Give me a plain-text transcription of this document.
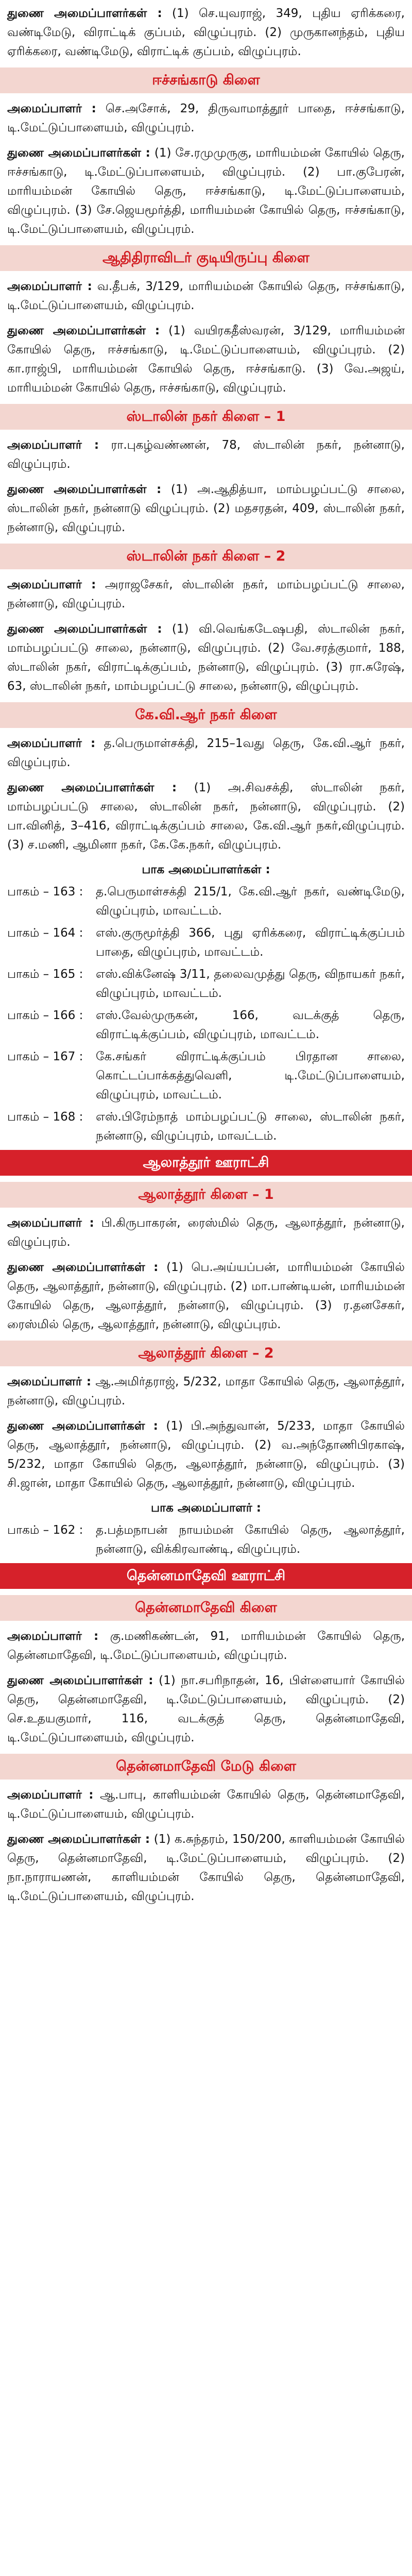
துணை அமைப்பாளர்கள் : (1) செ.யுவராஜ், 349, புதிய ஏரிக்கரை, வண்டிமேடு, விராட்டிக் குப்பம், விழுப்புரம். (2) முருகானந்தம், புதிய ஏரிக்கரை, வண்டிமேடு, விராட்டிக் குப்பம், விழுப்புரம்.

ஈச்சங்காடு கிளை

அமைப்பாளர் : செ.அசோக், 29, திருவாமாத்தூர் பாதை, ஈச்சங்காடு, டி.மேட்டுப்பாளையம், விழுப்புரம்.

துணை அமைப்பாளர்கள் : (1) சே.ரமுமுருகு, மாரியம்மன் கோயில் தெரு, ஈச்சங்காடு, டி.மேட்டுப்பாளையம், விழுப்புரம். (2) பா.குபேரன், மாரியம்மன் கோயில் தெரு, ஈச்சங்காடு, டி.மேட்டுப்பாளையம், விழுப்புரம். (3) சே.ஜெயமூர்த்தி, மாரியம்மன் கோயில் தெரு, ஈச்சங்காடு, டி.மேட்டுப்பாளையம், விழுப்புரம்.

ஆதிதிராவிடர் குடியிருப்பு கிளை

அமைப்பாளர் : வ.தீபக், 3/129, மாரியம்மன் கோயில் தெரு, ஈச்சங்காடு, டி.மேட்டுப்பாளையம், விழுப்புரம்.

துணை அமைப்பாளர்கள் : (1) வயிரகதீஸ்வரன், 3/129, மாரியம்மன் கோயில் தெரு, ஈச்சங்காடு, டி.மேட்டுப்பாளையம், விழுப்புரம். (2) கா.ராஜ்பி, மாரியம்மன் கோயில் தெரு, ஈச்சங்காடு. (3) வே.அஜய், மாரியம்மன் கோயில் தெரு, ஈச்சங்காடு, விழுப்புரம்.

ஸ்டாலின் நகர் கிளை – 1

அமைப்பாளர் : ரா.புகழ்வண்ணன், 78, ஸ்டாலின் நகர், நன்னாடு, விழுப்புரம்.

துணை அமைப்பாளர்கள் : (1) அ.ஆதித்யா, மாம்பழப்பட்டு சாலை, ஸ்டாலின் நகர், நன்னாடு விழுப்புரம். (2) மதசரதன், 409, ஸ்டாலின் நகர், நன்னாடு, விழுப்புரம்.

ஸ்டாலின் நகர் கிளை – 2

அமைப்பாளர் : அராஜசேகர், ஸ்டாலின் நகர், மாம்பழப்பட்டு சாலை, நன்னாடு, விழுப்புரம்.

துணை அமைப்பாளர்கள் : (1) வி.வெங்கடேஷபதி, ஸ்டாலின் நகர், மாம்பழப்பட்டு சாலை, நன்னாடு, விழுப்புரம். (2) வே.சரத்குமார், 188, ஸ்டாலின் நகர், விராட்டிக்குப்பம், நன்னாடு, விழுப்புரம். (3) ரா.சுரேஷ், 63, ஸ்டாலின் நகர், மாம்பழப்பட்டு சாலை, நன்னாடு, விழுப்புரம்.

கே.வி.ஆர் நகர் கிளை

அமைப்பாளர் : த.பெருமாள்சக்தி, 215–1வது தெரு, கே.வி.ஆர் நகர், விழுப்புரம்.

துணை அமைப்பாளர்கள் : (1) அ.சிவசக்தி, ஸ்டாலின் நகர், மாம்பழப்பட்டு சாலை, ஸ்டாலின் நகர், நன்னாடு, விழுப்புரம். (2) பா.வினித், 3–416, விராட்டிக்குப்பம் சாலை, கே.வி.ஆர் நகர்,விழுப்புரம். (3) ச.மணி, ஆமினா நகர், கே.கே.நகர், விழுப்புரம்.

பாக அமைப்பாளர்கள் :
பாகம் – 163 :	த.பெருமாள்சக்தி 215/1, கே.வி.ஆர் நகர், வண்டிமேடு, விழுப்புரம், மாவட்டம்.
பாகம் – 164 :	எஸ்.குருமூர்த்தி 366, புது ஏரிக்கரை, விராட்டிக்குப்பம் பாதை, விழுப்புரம், மாவட்டம்.
பாகம் – 165 :	எஸ்.விக்னேஷ் 3/11, தலைவமுத்து தெரு, விநாயகர் நகர், விழுப்புரம், மாவட்டம்.
பாகம் – 166 :	எஸ்.வேல்முருகன், 166, வடக்குத் தெரு, விராட்டிக்குப்பம், விழுப்புரம், மாவட்டம்.
பாகம் – 167 :	கே.சங்கர் விராட்டிக்குப்பம் பிரதான சாலை, கொட்டப்பாக்கத்துவெளி, டி.மேட்டுப்பாளையம், விழுப்புரம், மாவட்டம்.
பாகம் – 168 :	எஸ்.பிரேம்நாத் மாம்பழப்பட்டு சாலை, ஸ்டாலின் நகர், நன்னாடு, விழுப்புரம், மாவட்டம்.
ஆலாத்தூர் ஊராட்சி
ஆலாத்தூர் கிளை – 1

அமைப்பாளர் : பி.கிருபாகரன், ரைஸ்மில் தெரு, ஆலாத்தூர், நன்னாடு, விழுப்புரம்.

துணை அமைப்பாளர்கள் : (1) பெ.அய்யப்பன், மாரியம்மன் கோயில் தெரு, ஆலாத்தூர், நன்னாடு, விழுப்புரம். (2) மா.பாண்டியன், மாரியம்மன் கோயில் தெரு, ஆலாத்தூர், நன்னாடு, விழுப்புரம். (3) ர.தனசேகர், ரைஸ்மில் தெரு, ஆலாத்தூர், நன்னாடு, விழுப்புரம்.

ஆலாத்தூர் கிளை – 2

அமைப்பாளர் : ஆ.அமிர்தராஜ், 5/232, மாதா கோயில் தெரு, ஆலாத்தூர், நன்னாடு, விழுப்புரம்.

துணை அமைப்பாளர்கள் : (1) பி.அந்துவான், 5/233, மாதா கோயில் தெரு, ஆலாத்தூர், நன்னாடு, விழுப்புரம். (2) வ.அந்தோணிபிரகாஷ், 5/232, மாதா கோயில் தெரு, ஆலாத்தூர், நன்னாடு, விழுப்புரம். (3) சி.ஜான், மாதா கோயில் தெரு, ஆலாத்தூர், நன்னாடு, விழுப்புரம்.

பாக அமைப்பாளர் :
பாகம் – 162 :	த.பத்மநாபன் நாயம்மன் கோயில் தெரு, ஆலாத்தூர், நன்னாடு, விக்கிரவாண்டி, விழுப்புரம்.
தென்னமாதேவி ஊராட்சி
தென்னமாதேவி கிளை

அமைப்பாளர் : கு.மணிகண்டன், 91, மாரியம்மன் கோயில் தெரு, தென்னமாதேவி, டி.மேட்டுப்பாளையம், விழுப்புரம்.

துணை அமைப்பாளர்கள் : (1) நா.சபரிநாதன், 16, பிள்ளையார் கோயில் தெரு, தென்னமாதேவி, டி.மேட்டுப்பாளையம், விழுப்புரம். (2) செ.உதயகுமார், 116, வடக்குத் தெரு, தென்னமாதேவி, டி.மேட்டுப்பாளையம், விழுப்புரம்.

தென்னமாதேவி மேடு கிளை

அமைப்பாளர் : ஆ.பாபு, காளியம்மன் கோயில் தெரு, தென்னமாதேவி, டி.மேட்டுப்பாளையம், விழுப்புரம்.

துணை அமைப்பாளர்கள் : (1) க.சுந்தரம், 150/200, காளியம்மன் கோயில் தெரு, தென்னமாதேவி, டி.மேட்டுப்பாளையம், விழுப்புரம். (2) நா.நாராயணன், காளியம்மன் கோயில் தெரு, தென்னமாதேவி, டி.மேட்டுப்பாளையம், விழுப்புரம்.
